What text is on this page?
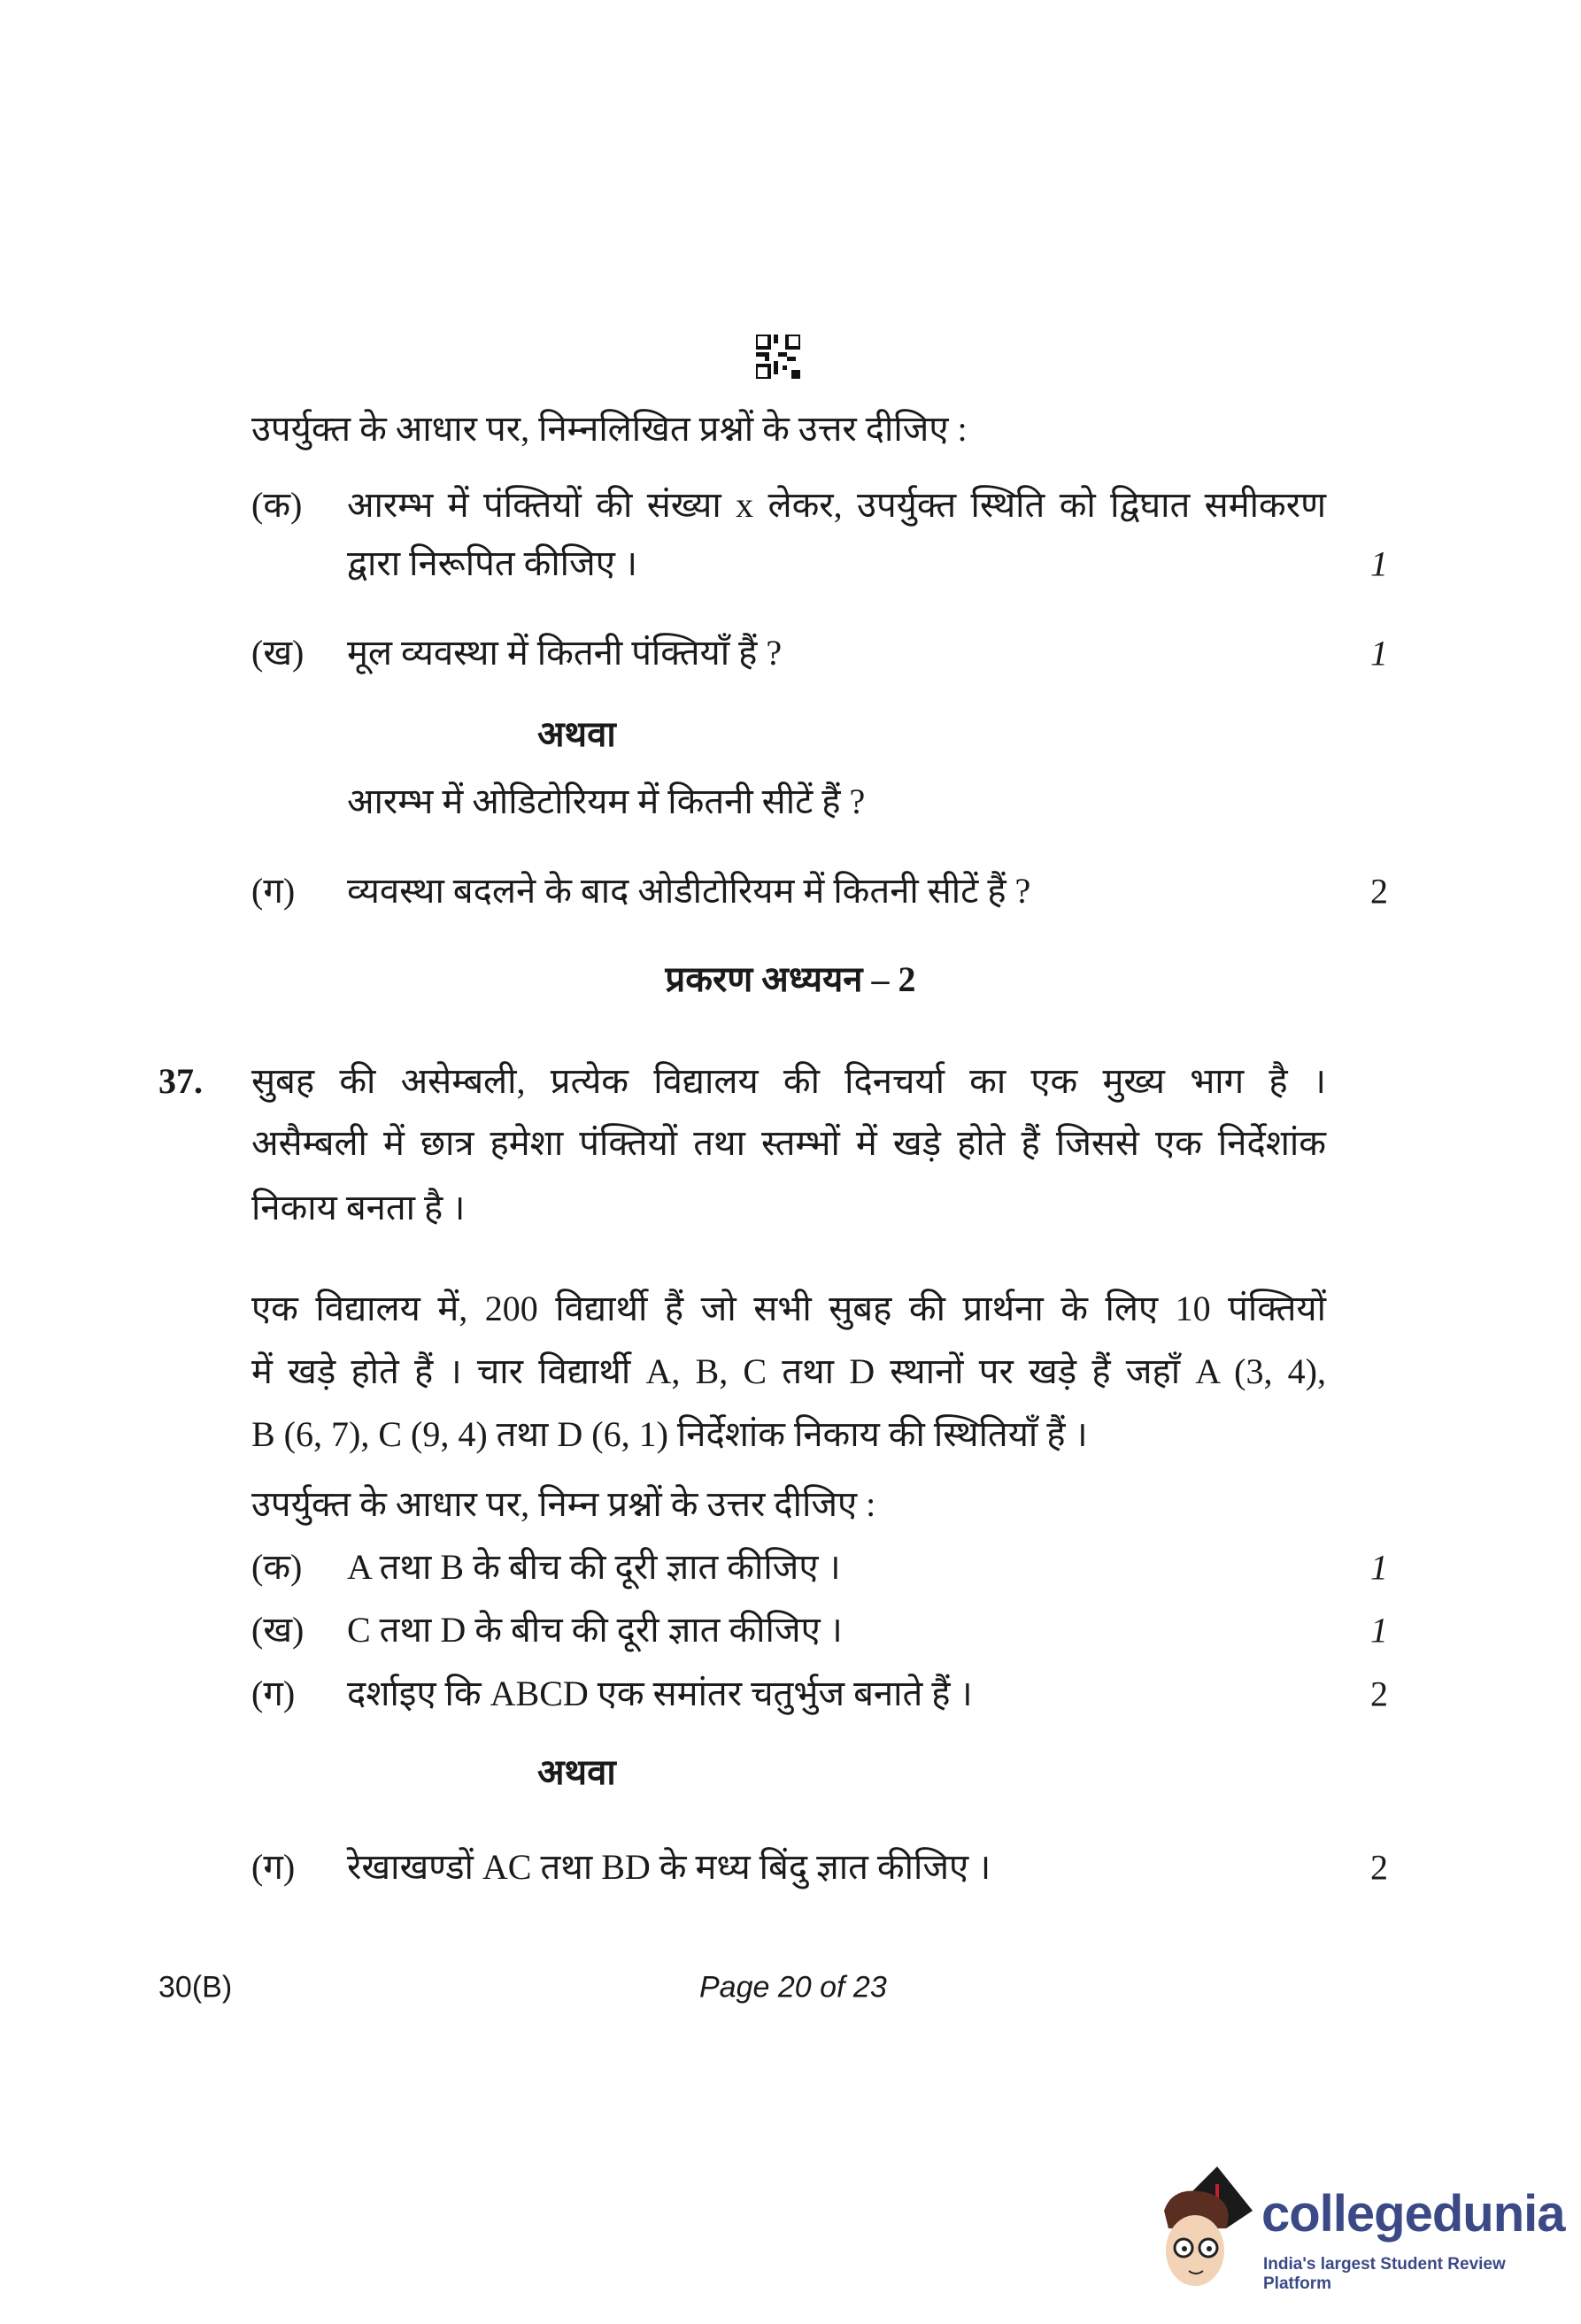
उपर्युक्त के आधार पर, निम्नलिखित प्रश्नों के उत्तर दीजिए :
(क) आरम्भ में पंक्तियों की संख्या x लेकर, उपर्युक्त स्थिति को द्विघात समीकरण
द्वारा निरूपित कीजिए ।	1
(ख) मूल व्यवस्था में कितनी पंक्तियाँ हैं ?	1
अथवा
आरम्भ में ओडिटोरियम में कितनी सीटें हैं ?
(ग) व्यवस्था बदलने के बाद ओडीटोरियम में कितनी सीटें हैं ?	2
प्रकरण अध्ययन – 2
37. सुबह की असेम्बली, प्रत्येक विद्यालय की दिनचर्या का एक मुख्य भाग है ।
असैम्बली में छात्र हमेशा पंक्तियों तथा स्तम्भों में खड़े होते हैं जिससे एक निर्देशांक
निकाय बनता है ।
एक विद्यालय में, 200 विद्यार्थी हैं जो सभी सुबह की प्रार्थना के लिए 10 पंक्तियों
में खड़े होते हैं । चार विद्यार्थी A, B, C तथा D स्थानों पर खड़े हैं जहाँ A (3, 4),
B (6, 7), C (9, 4) तथा D (6, 1) निर्देशांक निकाय की स्थितियाँ हैं ।
उपर्युक्त के आधार पर, निम्न प्रश्नों के उत्तर दीजिए :
(क) A तथा B के बीच की दूरी ज्ञात कीजिए ।	1
(ख) C तथा D के बीच की दूरी ज्ञात कीजिए ।	1
(ग) दर्शाइए कि ABCD एक समांतर चतुर्भुज बनाते हैं ।	2
अथवा
(ग) रेखाखण्डों AC तथा BD के मध्य बिंदु ज्ञात कीजिए ।	2
30(B)	Page 20 of 23
collegedunia
India's largest Student Review Platform
